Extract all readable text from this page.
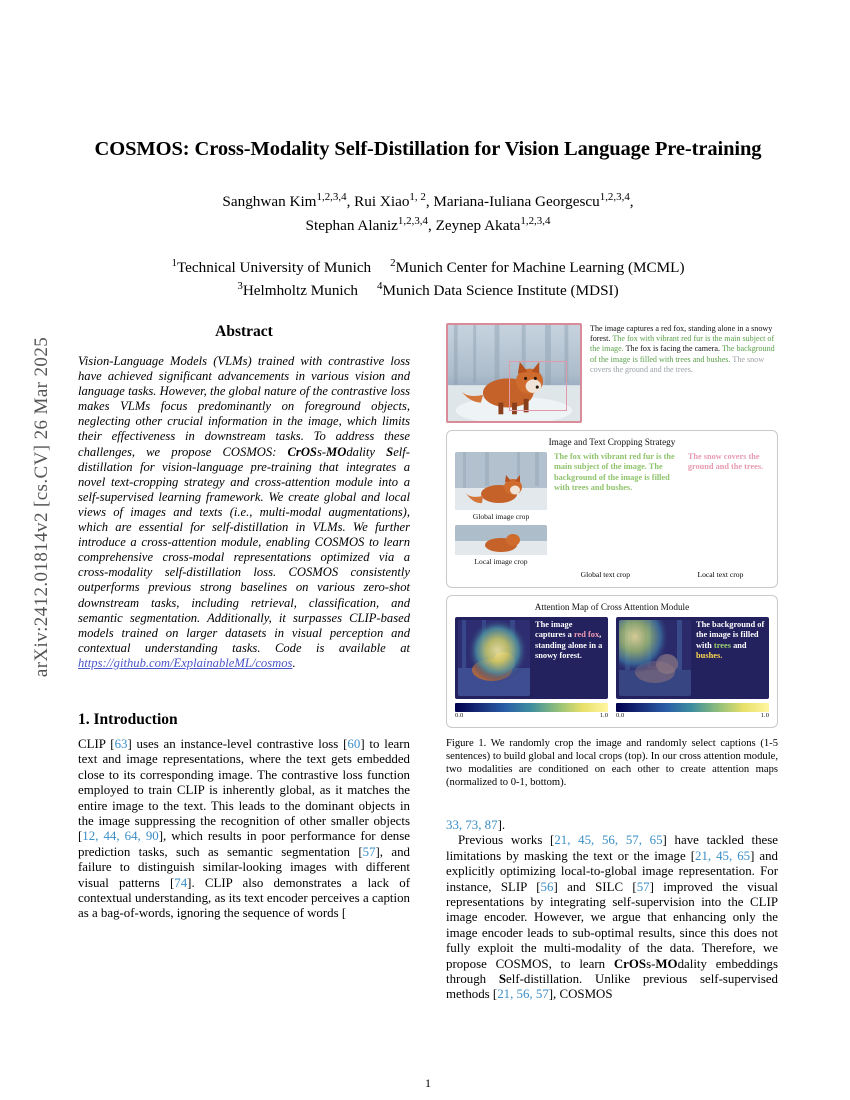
arXiv:2412.01814v2 [cs.CV] 26 Mar 2025
COSMOS: Cross-Modality Self-Distillation for Vision Language Pre-training
Sanghwan Kim$^{1,2,3,4}$, Rui Xiao$^{1, 2}$, Mariana-Iuliana Georgescu$^{1,2,3,4}$,
Stephan Alaniz$^{1,2,3,4}$, Zeynep Akata$^{1,2,3,4}$
$^1$Technical University of Munich $^2$Munich Center for Machine Learning (MCML)
$^3$Helmholtz Munich $^4$Munich Data Science Institute (MDSI)
Abstract
Vision-Language Models (VLMs) trained with contrastive loss have achieved significant advancements in various vision and language tasks. However, the global nature of the contrastive loss makes VLMs focus predominantly on foreground objects, neglecting other crucial information in the image, which limits their effectiveness in downstream tasks. To address these challenges, we propose COSMOS: CrOSs-MOdality Self-distillation for vision-language pre-training that integrates a novel text-cropping strategy and cross-attention module into a self-supervised learning framework. We create global and local views of images and texts (i.e., multi-modal augmentations), which are essential for self-distillation in VLMs. We further introduce a cross-attention module, enabling COSMOS to learn comprehensive cross-modal representations optimized via a cross-modality self-distillation loss. COSMOS consistently outperforms previous strong baselines on various zero-shot downstream tasks, including retrieval, classification, and semantic segmentation. Additionally, it surpasses CLIP-based models trained on larger datasets in visual perception and contextual understanding tasks. Code is available at https://github.com/ExplainableML/cosmos.
1. Introduction

CLIP [63] uses an instance-level contrastive loss [60] to learn text and image representations, where the text gets embedded close to its corresponding image. The contrastive loss function employed to train CLIP is inherently global, as it matches the entire image to the text. This leads to the dominant objects in the image suppressing the recognition of other smaller objects [12, 44, 64, 90], which results in poor performance for dense prediction tasks, such as semantic segmentation [57], and failure to distinguish similar-looking images with different visual patterns [74]. CLIP also demonstrates a lack of contextual understanding, as its text encoder perceives a caption as a bag-of-words, ignoring the sequence of words [

33, 73, 87].

Previous works [21, 45, 56, 57, 65] have tackled these limitations by masking the text or the image [21, 45, 65] and explicitly optimizing local-to-global image representation. For instance, SLIP [56] and SILC [57] improved the visual representations by integrating self-supervision into the CLIP image encoder. However, we argue that enhancing only the image encoder leads to sub-optimal results, since this does not fully exploit the multi-modality of the data. Therefore, we propose COSMOS, to learn CrOSs-MOdality embeddings through Self-distillation. Unlike previous self-supervised methods [21, 56, 57], COSMOS

The image captures a red fox, standing alone in a snowy forest. The fox with vibrant red fur is the main subject of the image. The fox is facing the camera. The background of the image is filled with trees and bushes. The snow covers the ground and the trees.
Image and Text Cropping Strategy
Global image crop
Local image crop
The fox with vibrant red fur is the main subject of the image. The background of the image is filled with trees and bushes.
The snow covers the ground and the trees.
Global text crop	Local text crop
Attention Map of Cross Attention Module
The image captures a red fox, standing alone in a snowy forest.
0.0	1.0
The background of the image is filled with trees and bushes.
0.0	1.0
Figure 1. We randomly crop the image and randomly select captions (1-5 sentences) to build global and local crops (top). In our cross attention module, two modalities are conditioned on each other to create attention maps (normalized to 0-1, bottom).
1
